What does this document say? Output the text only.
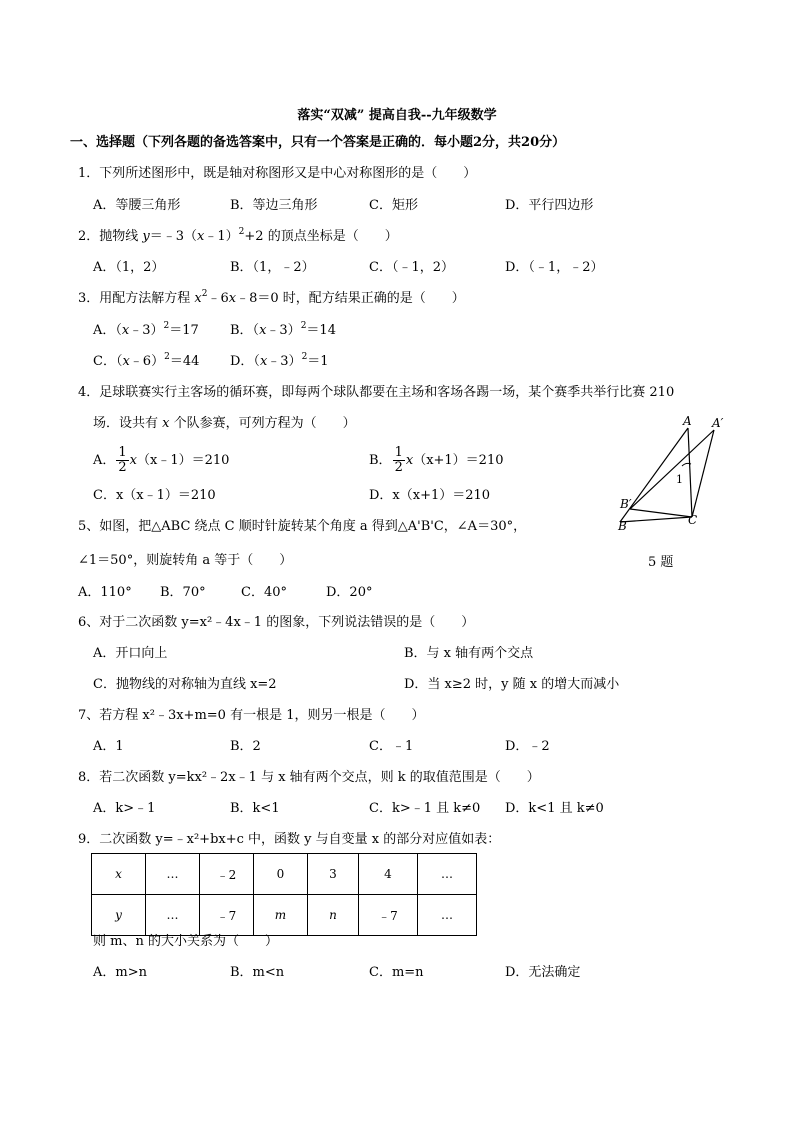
落实“双减” 提高自我--九年级数学
一、选择题（下列各题的备选答案中，只有一个答案是正确的．每小题2分，共20分）
1．下列所述图形中，既是轴对称图形又是中心对称图形的是（　　）
A．等腰三角形	B．等边三角形	C．矩形	D．平行四边形
2．抛物线 y＝﹣3（x﹣1）$^2$+2 的顶点坐标是（　　）
A．（1，2）	B．（1，﹣2）	C．（﹣1，2）	D．（﹣1，﹣2）
3．用配方法解方程 $x^2﹣6x﹣8=0$ 时，配方结果正确的是（　　）
A．（x﹣3）$^2$＝17 B．（x﹣3）$^2$＝14
C．（x﹣6）$^2$＝44 D．（x﹣3）$^2$＝1
4．足球联赛实行主客场的循环赛，即每两个球队都要在主场和客场各踢一场，某个赛季共举行比赛 210
场．设共有 x 个队参赛，可列方程为（　　）
A． $\frac{1}{2}$ x（x﹣1）＝210	B． $\frac{1}{2} x(x+1)=210$
C．x（x﹣1）＝210	D．x（x+1）＝210
A A′
1
B′
B	C
5 题
5、如图，把△ABC 绕点 C 顺时针旋转某个角度 a 得到△A'B'C，∠A＝30°，
∠1＝50°，则旋转角 a 等于（　　）
A．110° B．70°	C．40°	D．20°
6、对于二次函数 y=x²﹣4x﹣1 的图象，下列说法错误的是（　　）
A．开口向上	B．与 x 轴有两个交点
C．抛物线的对称轴为直线 x=2	D．当 x≥2 时，y 随 x 的增大而减小
7、若方程 x²﹣3x+m=0 有一根是 1，则另一根是（　　）
A．1	B．2	C．﹣1	D．﹣2
8．若二次函数 y=kx²﹣2x﹣1 与 x 轴有两个交点，则 k 的取值范围是（　　）
A．k>﹣1	B．k<1	C．k>﹣1 且 k≠0 D．k<1 且 k≠0
9．二次函数 y=﹣x²+bx+c 中，函数 y 与自变量 x 的部分对应值如表：
x	…	﹣2	0	3	4	…
y	…	﹣7	m	n	﹣7	…
则 m、n 的大小关系为（　　）
A．m>n	B．m<n	C．m=n	D．无法确定
